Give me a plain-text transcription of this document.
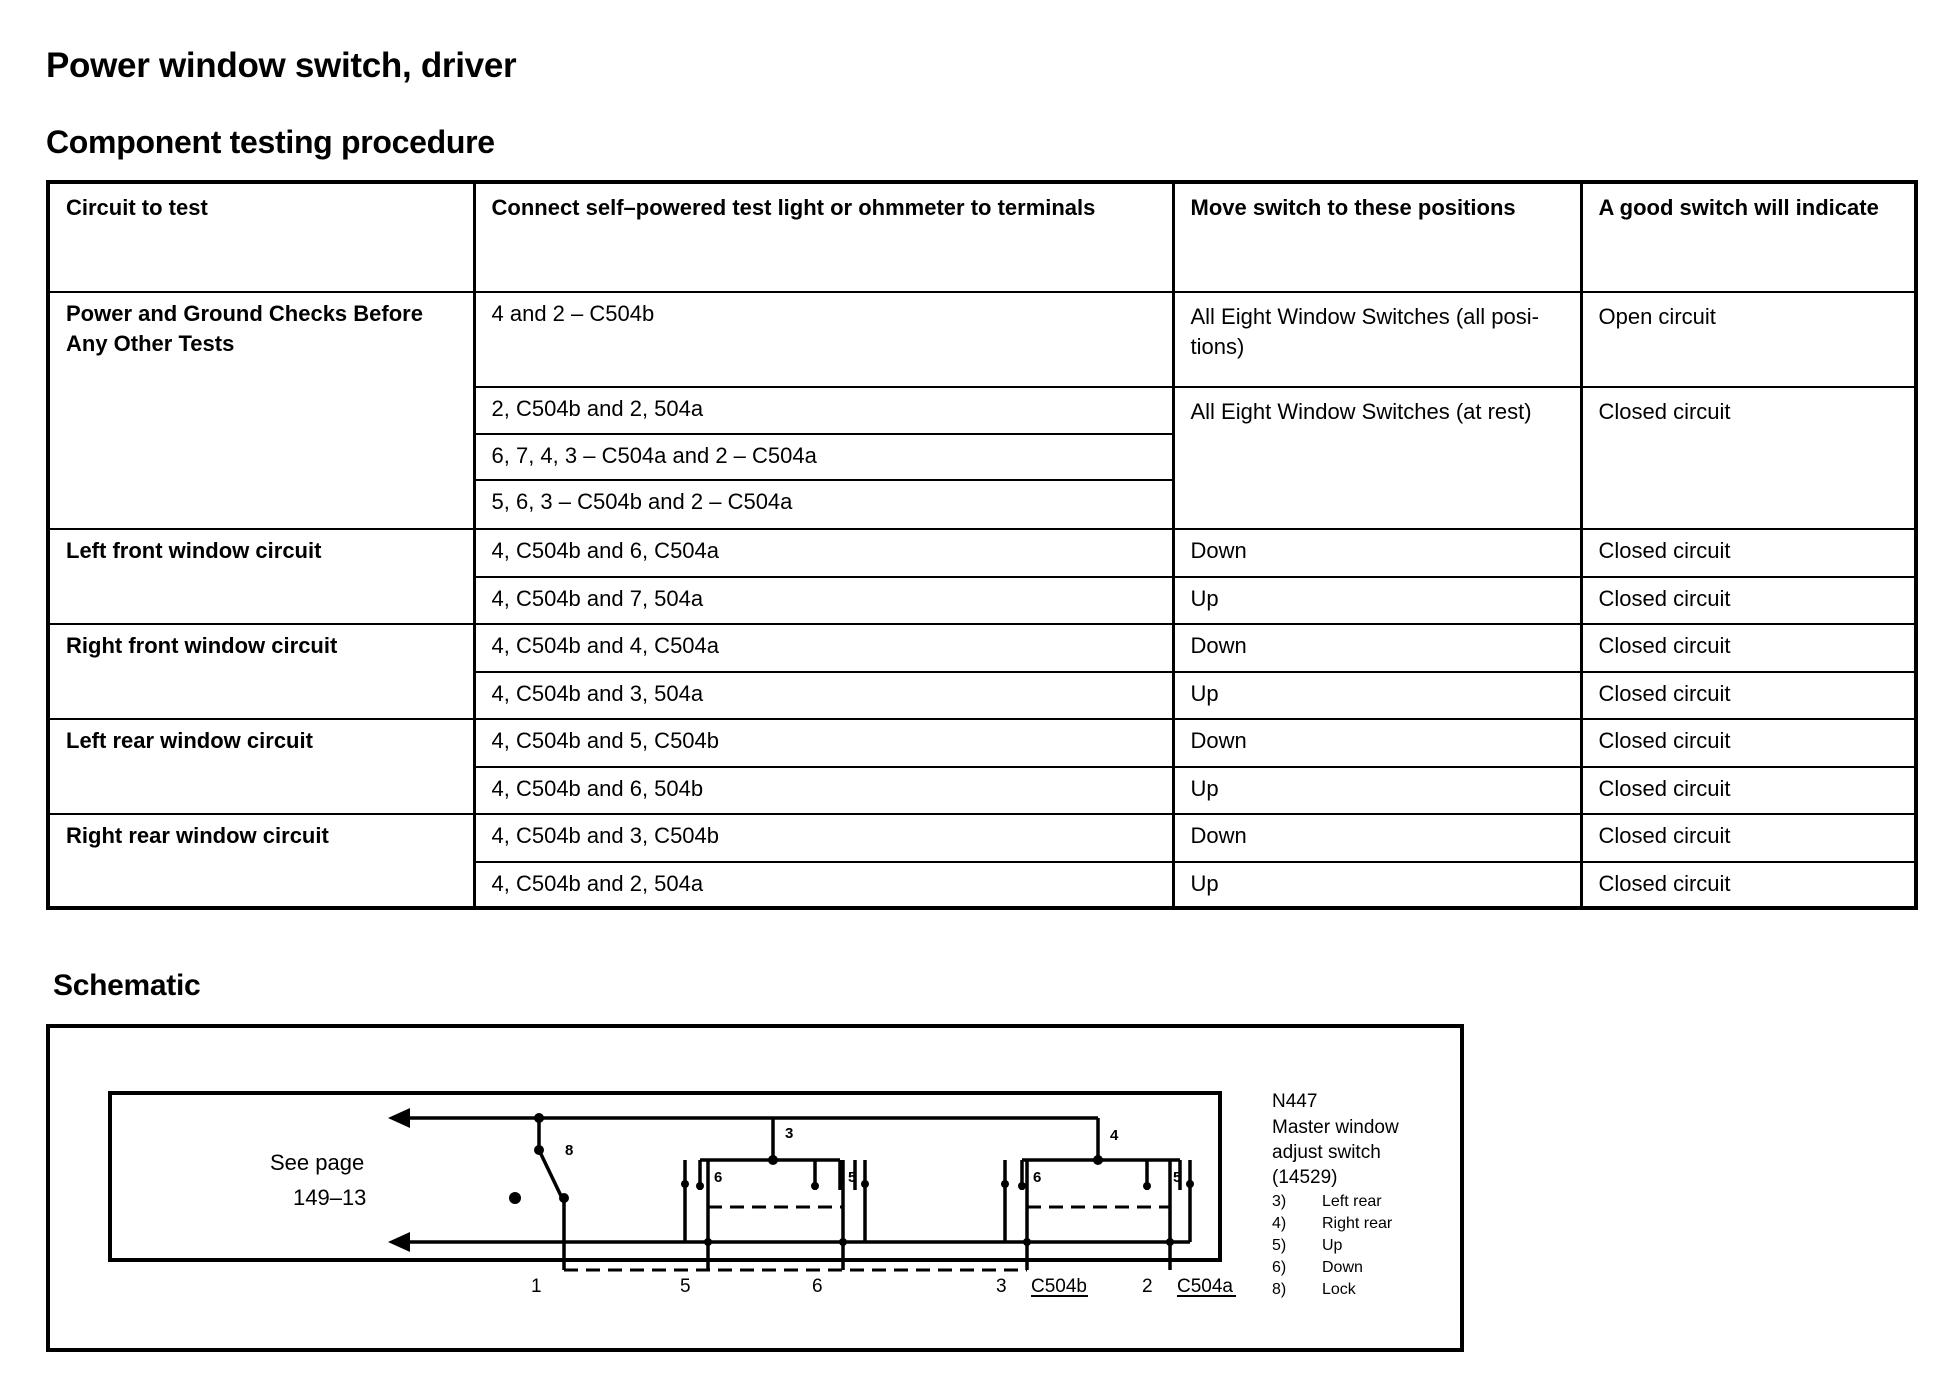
Power window switch, driver
Component testing procedure
Circuit to test	Connect self–powered test light or ohmmeter to terminals	Move switch to these positions	A good switch will indicate
Power and Ground Checks Before Any Other Tests	4 and 2 – C504b	All Eight Window Switches (all posi-tions)	Open circuit
	2, C504b and 2, 504a	All Eight Window Switches (at rest)	Closed circuit
	6, 7, 4, 3 – C504a and 2 – C504a		
	5, 6, 3 – C504b and 2 – C504a		
Left front window circuit	4, C504b and 6, C504a	Down	Closed circuit
	4, C504b and 7, 504a	Up	Closed circuit
Right front window circuit	4, C504b and 4, C504a	Down	Closed circuit
	4, C504b and 3, 504a	Up	Closed circuit
Left rear window circuit	4, C504b and 5, C504b	Down	Closed circuit
	4, C504b and 6, 504b	Up	Closed circuit
Right rear window circuit	4, C504b and 3, C504b	Down	Closed circuit
	4, C504b and 2, 504a	Up	Closed circuit
Schematic
See page
149–13
8
3	4
6	5	6	5
1	5	6	3	2
C504b	C504a
N447
Master window
adjust switch
(14529)
3) Left rear
4) Right rear
5) Up
6) Down
8) Lock
